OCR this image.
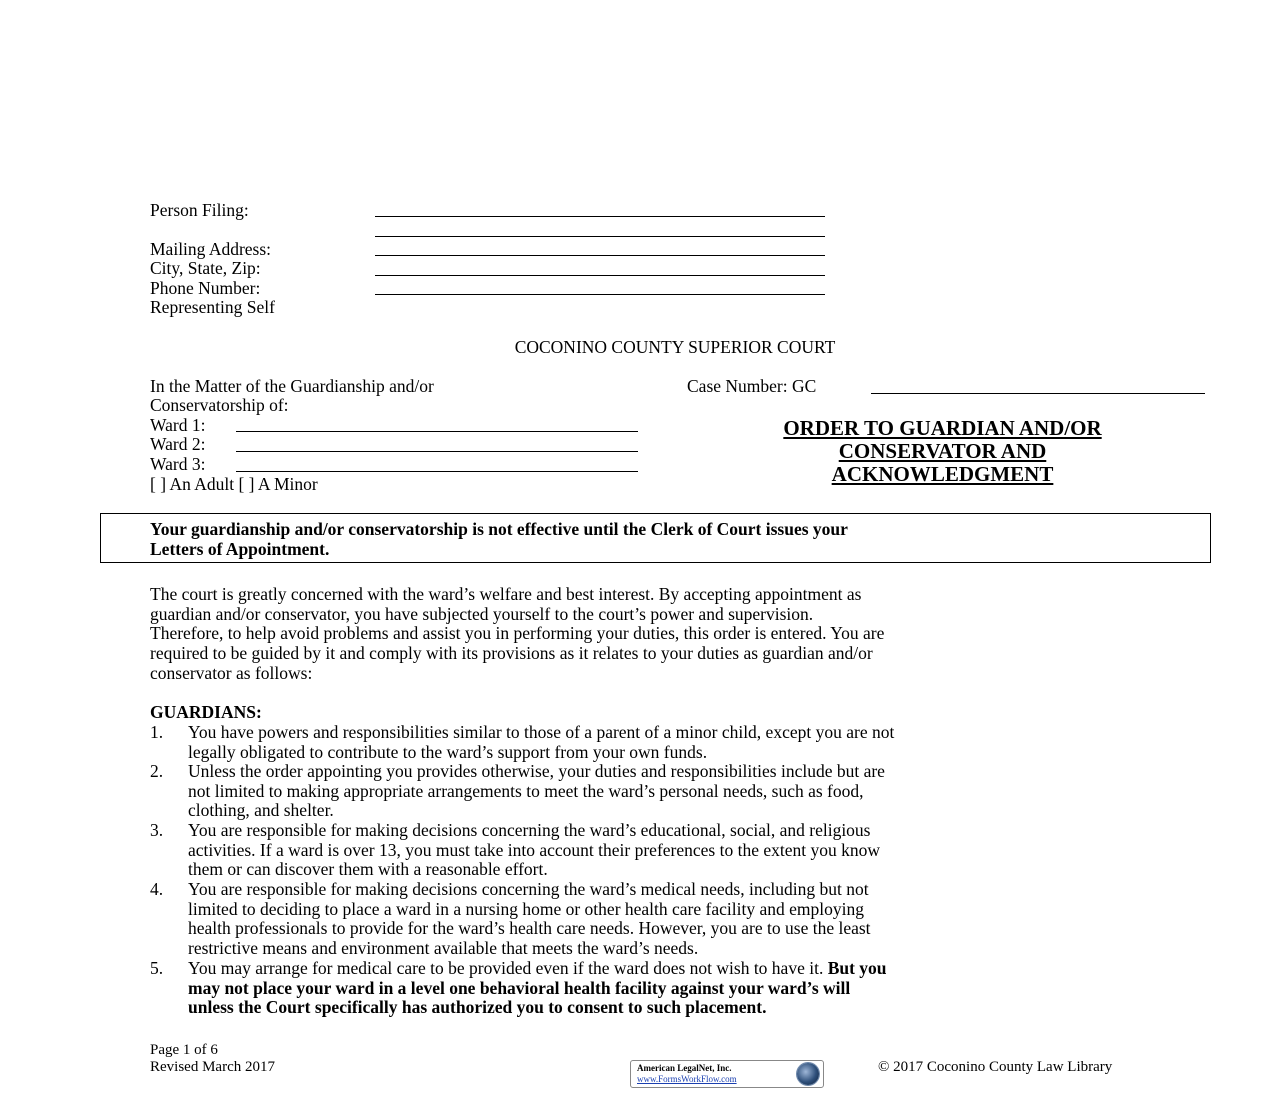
Person Filing:
Mailing Address:
City, State, Zip:
Phone Number:
Representing Self
COCONINO COUNTY SUPERIOR COURT
In the Matter of the Guardianship and/or
Conservatorship of:
Ward 1:
Ward 2:
Ward 3:
[ ] An Adult [ ] A Minor
Case Number: GC
ORDER TO GUARDIAN AND/OR
CONSERVATOR AND
ACKNOWLEDGMENT
Your guardianship and/or conservatorship is not effective until the Clerk of Court issues your
Letters of Appointment.
The court is greatly concerned with the ward’s welfare and best interest. By accepting appointment as
guardian and/or conservator, you have subjected yourself to the court’s power and supervision.
Therefore, to help avoid problems and assist you in performing your duties, this order is entered. You are
required to be guided by it and comply with its provisions as it relates to your duties as guardian and/or
conservator as follows:
GUARDIANS:
1.	You have powers and responsibilities similar to those of a parent of a minor child, except you are not
legally obligated to contribute to the ward’s support from your own funds.
2.	Unless the order appointing you provides otherwise, your duties and responsibilities include but are
not limited to making appropriate arrangements to meet the ward’s personal needs, such as food,
clothing, and shelter.
3.	You are responsible for making decisions concerning the ward’s educational, social, and religious
activities. If a ward is over 13, you must take into account their preferences to the extent you know
them or can discover them with a reasonable effort.
4.	You are responsible for making decisions concerning the ward’s medical needs, including but not
limited to deciding to place a ward in a nursing home or other health care facility and employing
health professionals to provide for the ward’s health care needs. However, you are to use the least
restrictive means and environment available that meets the ward’s needs.
5.	You may arrange for medical care to be provided even if the ward does not wish to have it. But you
may not place your ward in a level one behavioral health facility against your ward’s will
unless the Court specifically has authorized you to consent to such placement.
Page 1 of 6
Revised March 2017	American LegalNet, Inc.
www.FormsWorkFlow.com
© 2017 Coconino County Law Library
